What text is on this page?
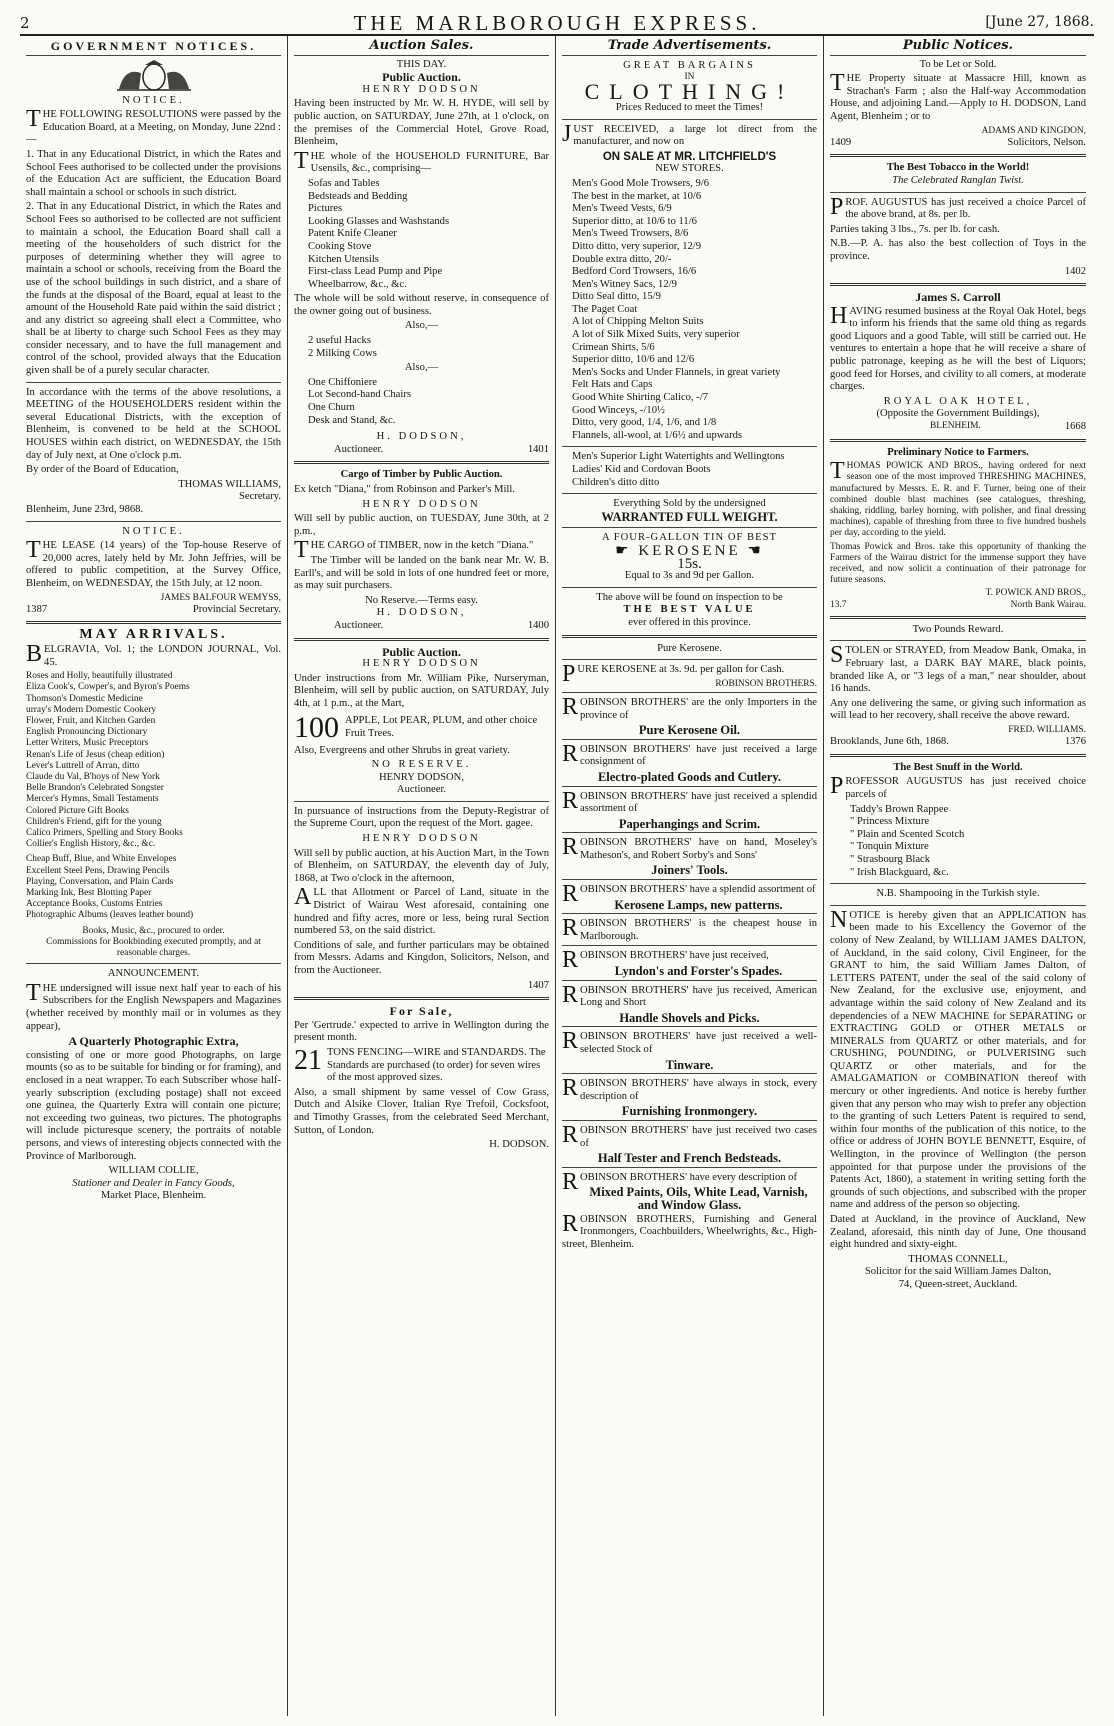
2	THE MARLBOROUGH EXPRESS.	[June 27, 1868.
GOVERNMENT NOTICES.
NOTICE.

THE FOLLOWING RESOLUTIONS were passed by the Education Board, at a Meeting, on Monday, June 22nd :—

1. That in any Educational District, in which the Rates and School Fees authorised to be collected under the provisions of the Education Act are sufficient, the Education Board shall maintain a school or schools in such district.

2. That in any Educational District, in which the Rates and School Fees so authorised to be collected are not sufficient to maintain a school, the Education Board shall call a meeting of the householders of such district for the purposes of determining whether they will agree to maintain a school or schools, receiving from the Board the use of the school buildings in such district, and a share of the funds at the disposal of the Board, equal at least to the amount of the Household Rate paid within the said district ; and any district so agreeing shall elect a Committee, who shall be at liberty to charge such School Fees as they may consider necessary, and to have the full management and control of the school, provided always that the Education given shall be of a purely secular character.

In accordance with the terms of the above resolutions, a MEETING of the HOUSEHOLDERS resident within the several Educational Districts, with the exception of Blenheim, is convened to be held at the SCHOOL HOUSES within each district, on WEDNESDAY, the 15th day of July next, at One o'clock p.m.

By order of the Board of Education,

THOMAS WILLIAMS,
Secretary.
Blenheim, June 23rd, 9868.
NOTICE.

THE LEASE (14 years) of the Top-house Reserve of 20,000 acres, lately held by Mr. John Jeffries, will be offered to public competition, at the Survey Office, Blenheim, on WEDNESDAY, the 15th July, at 12 noon.

JAMES BALFOUR WEMYSS,
1387	Provincial Secretary.
MAY ARRIVALS.

BELGRAVIA, Vol. 1; the LONDON JOURNAL, Vol. 45.

Roses and Holly, beautifully illustrated
Eliza Cook's, Cowper's, and Byron's Poems
Thomson's Domestic Medicine
urray's Modern Domestic Cookery
Flower, Fruit, and Kitchen Garden
English Pronouncing Dictionary
Letter Writers, Music Preceptors
Renan's Life of Jesus (cheap edition)
Lever's Luttrell of Arran, ditto
Claude du Val, B'hoys of New York
Belle Brandon's Celebrated Songster
Mercer's Hymns, Small Testaments
Colored Picture Gift Books
Children's Friend, gift for the young
Calico Primers, Spelling and Story Books
Collier's English History, &c., &c.
Cheap Buff, Blue, and White Envelopes
Excellent Steel Pens, Drawing Pencils
Playing, Conversation, and Plain Cards
Marking Ink, Best Blotting Paper
Acceptance Books, Customs Entries
Photographic Albums (leaves leather bound)
Books, Music, &c., procured to order.
Commissions for Bookbinding executed promptly, and at reasonable charges.
ANNOUNCEMENT.

THE undersigned will issue next half year to each of his Subscribers for the English Newspapers and Magazines (whether received by monthly mail or in volumes as they appear),

A Quarterly Photographic Extra,

consisting of one or more good Photographs, on large mounts (so as to be suitable for binding or for framing), and enclosed in a neat wrapper. To each Subscriber whose half-yearly subscription (excluding postage) shall not exceed one guinea, the Quarterly Extra will contain one picture; not exceeding two guineas, two pictures. The photographs will include picturesque scenery, the portraits of notable persons, and views of interesting objects connected with the Province of Marlborough.

WILLIAM COLLIE,
Stationer and Dealer in Fancy Goods,
Market Place, Blenheim.
Auction Sales.
THIS DAY.
Public Auction.
HENRY DODSON

Having been instructed by Mr. W. H. HYDE, will sell by public auction, on SATURDAY, June 27th, at 1 o'clock, on the premises of the Commercial Hotel, Grove Road, Blenheim,

THE whole of the HOUSEHOLD FURNITURE, Bar Usensils, &c., comprising—

Sofas and Tables
Bedsteads and Bedding
Pictures
Looking Glasses and Washstands
Patent Knife Cleaner
Cooking Stove
Kitchen Utensils
First-class Lead Pump and Pipe
Wheelbarrow, &c., &c.

The whole will be sold without reserve, in consequence of the owner going out of business.

Also,—
2 useful Hacks
2 Milking Cows
Also,—
One Chiffoniere
Lot Second-hand Chairs
One Churn
Desk and Stand, &c.
H. DODSON,
Auctioneer.	1401
Cargo of Timber by Public Auction.

Ex ketch "Diana," from Robinson and Parker's Mill.

HENRY DODSON

Will sell by public auction, on TUESDAY, June 30th, at 2 p.m.,

THE CARGO of TIMBER, now in the ketch "Diana."

The Timber will be landed on the bank near Mr. W. B. Earll's, and will be sold in lots of one hundred feet or more, as may suit purchasers.

No Reserve.—Terms easy.
H. DODSON,
Auctioneer.	1400
Public Auction.
HENRY DODSON

Under instructions from Mr. William Pike, Nurseryman, Blenheim, will sell by public auction, on SATURDAY, July 4th, at 1 p.m., at the Mart,

100 APPLE, Lot PEAR, PLUM, and other choice Fruit Trees.

Also, Evergreens and other Shrubs in great variety.

NO RESERVE.
HENRY DODSON,
Auctioneer.

In pursuance of instructions from the Deputy-Registrar of the Supreme Court, upon the request of the Mort. gagee.

HENRY DODSON

Will sell by public auction, at his Auction Mart, in the Town of Blenheim, on SATURDAY, the eleventh day of July, 1868, at Two o'clock in the afternoon,

ALL that Allotment or Parcel of Land, situate in the District of Wairau West aforesaid, containing one hundred and fifty acres, more or less, being rural Section numbered 53, on the said district.

Conditions of sale, and further particulars may be obtained from Messrs. Adams and Kingdon, Solicitors, Nelson, and from the Auctioneer.

1407
For Sale,

Per 'Gertrude.' expected to arrive in Wellington during the present month.

21 TONS FENCING—WIRE and STANDARDS. The Standards are purchased (to order) for seven wires of the most approved sizes.

Also, a small shipment by same vessel of Cow Grass, Dutch and Alsike Clover, Italian Rye Trefoil, Cocksfoot, and Timothy Grasses, from the celebrated Seed Merchant, Sutton, of London.

H. DODSON.
Trade Advertisements.
GREAT BARGAINS
IN
CLOTHING!
Prices Reduced to meet the Times!

JUST RECEIVED, a large lot direct from the manufacturer, and now on

ON SALE AT MR. LITCHFIELD'S
NEW STORES.
Men's Good Mole Trowsers, 9/6
The best in the market, at 10/6
Men's Tweed Vests, 6/9
Superior ditto, at 10/6 to 11/6
Men's Tweed Trowsers, 8/6
Ditto ditto, very superior, 12/9
Double extra ditto, 20/-
Bedford Cord Trowsers, 16/6
Men's Witney Sacs, 12/9
Ditto Seal ditto, 15/9
The Paget Coat
A lot of Chipping Melton Suits
A lot of Silk Mixed Suits, very superior
Crimean Shirts, 5/6
Superior ditto, 10/6 and 12/6
Men's Socks and Under Flannels, in great variety
Felt Hats and Caps
Good White Shirting Calico, -/7
Good Winceys, -/10½
Ditto, very good, 1/4, 1/6, and 1/8
Flannels, all-wool, at 1/6½ and upwards
Men's Superior Light Watertights and Wellingtons
Ladies' Kid and Cordovan Boots
Children's ditto ditto
Everything Sold by the undersigned
WARRANTED FULL WEIGHT.
A FOUR-GALLON TIN OF BEST
☛ KEROSENE ☚
15s.
Equal to 3s and 9d per Gallon.
The above will be found on inspection to be
THE BEST VALUE
ever offered in this province.
Pure Kerosene.

PURE KEROSENE at 3s. 9d. per gallon for Cash.

ROBINSON BROTHERS.

ROBINSON BROTHERS' are the only Importers in the province of

Pure Kerosene Oil.

ROBINSON BROTHERS' have just received a large consignment of

Electro-plated Goods and Cutlery.

ROBINSON BROTHERS' have just received a splendid assortment of

Paperhangings and Scrim.

ROBINSON BROTHERS' have on hand, Moseley's Matheson's, and Robert Sorby's and Sons'

Joiners' Tools.

ROBINSON BROTHERS' have a splendid assortment of

Kerosene Lamps, new patterns.

ROBINSON BROTHERS' is the cheapest house in Marlborough.

ROBINSON BROTHERS' have just received,

Lyndon's and Forster's Spades.

ROBINSON BROTHERS' have jus received, American Long and Short

Handle Shovels and Picks.

ROBINSON BROTHERS' have just received a well-selected Stock of

Tinware.

ROBINSON BROTHERS' have always in stock, every description of

Furnishing Ironmongery.

ROBINSON BROTHERS' have just received two cases of

Half Tester and French Bedsteads.

ROBINSON BROTHERS' have every description of

Mixed Paints, Oils, White Lead, Varnish, and Window Glass.

ROBINSON BROTHERS, Furnishing and General Ironmongers, Coachbuilders, Wheelwrights, &c., High-street, Blenheim.

Public Notices.
To be Let or Sold.

THE Property situate at Massacre Hill, known as Strachan's Farm ; also the Half-way Accommodation House, and adjoining Land.—Apply to H. DODSON, Land Agent, Blenheim ; or to

ADAMS AND KINGDON,
1409	Solicitors, Nelson.
The Best Tobacco in the World!
The Celebrated Ranglan Twist.

PROF. AUGUSTUS has just received a choice Parcel of the above brand, at 8s. per lb.

Parties taking 3 lbs., 7s. per lb. for cash.

N.B.—P. A. has also the best collection of Toys in the province.

1402
James S. Carroll

HAVING resumed business at the Royal Oak Hotel, begs to inform his friends that the same old thing as regards good Liquors and a good Table, will still be carried out. He ventures to entertain a hope that he will receive a share of public patronage, keeping as he will the best of Liquors; good feed for Horses, and civility to all comers, at moderate charges.

ROYAL OAK HOTEL,
(Opposite the Government Buildings),
BLENHEIM.	1668
Preliminary Notice to Farmers.

THOMAS POWICK AND BROS., having ordered for next season one of the most improved THRESHING MACHINES, manufactured by Messrs. E. R. and F. Turner, being one of their combined double blast machines (see catalogues, threshing, shaking, riddling, barley horning, with polisher, and final dressing machines), capable of threshing from three to five hundred bushels per day, according to the yield.

Thomas Powick and Bros. take this opportunity of thanking the Farmers of the Wairau district for the immense support they have received, and now solicit a continuation of their patronage for future seasons.

T. POWICK AND BROS.,
13.7	North Bank Wairau.
Two Pounds Reward.

STOLEN or STRAYED, from Meadow Bank, Omaka, in February last, a DARK BAY MARE, black points, branded like A, or "3 legs of a man," near shoulder, about 16 hands.

Any one delivering the same, or giving such information as will lead to her recovery, shall receive the above reward.

FRED. WILLIAMS.
Brooklands, June 6th, 1868.	1376
The Best Snuff in the World.

PROFESSOR AUGUSTUS has just received choice parcels of

Taddy's Brown Rappee
" Princess Mixture
" Plain and Scented Scotch
" Tonquin Mixture
" Strasbourg Black
" Irish Blackguard, &c.
N.B. Shampooing in the Turkish style.

NOTICE is hereby given that an APPLICATION has been made to his Excellency the Governor of the colony of New Zealand, by WILLIAM JAMES DALTON, of Auckland, in the said colony, Civil Engineer, for the GRANT to him, the said William James Dalton, of LETTERS PATENT, under the seal of the said colony of New Zealand, for the exclusive use, enjoyment, and advantage within the said colony of New Zealand and its dependencies of a NEW MACHINE for SEPARATING or EXTRACTING GOLD or OTHER METALS or MINERALS from QUARTZ or other materials, and for CRUSHING, POUNDING, or PULVERISING such QUARTZ or other materials, and for the AMALGAMATION or COMBINATION thereof with mercury or other ingredients. And notice is hereby further given that any person who may wish to prefer any objection to the granting of such Letters Patent is required to send, within four months of the publication of this notice, to the office or address of JOHN BOYLE BENNETT, Esquire, of Wellington, in the province of Wellington (the person appointed for that purpose under the provisions of the Patents Act, 1860), a statement in writing setting forth the grounds of such objections, and subscribed with the proper name and address of the person so objecting.

Dated at Auckland, in the province of Auckland, New Zealand, aforesaid, this ninth day of June, One thousand eight hundred and sixty-eight.

THOMAS CONNELL,
Solicitor for the said William James Dalton,
74, Queen-street, Auckland.
